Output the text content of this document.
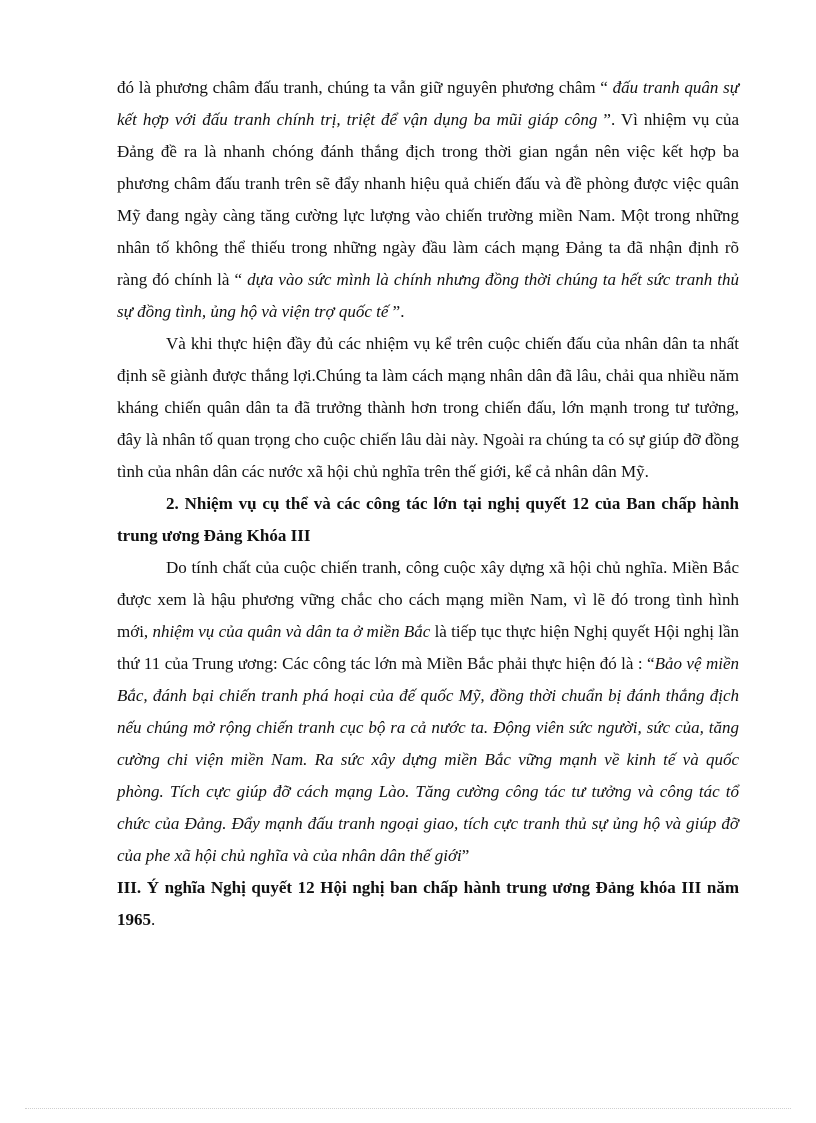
đó là phương châm đấu tranh, chúng ta vẫn giữ nguyên phương châm “ đấu tranh quân sự kết hợp với đấu tranh chính trị, triệt để vận dụng ba mũi giáp công ”. Vì nhiệm vụ của Đảng đề ra là nhanh chóng đánh thắng địch trong thời gian ngắn nên việc kết hợp ba phương châm đấu tranh trên sẽ đẩy nhanh hiệu quả chiến đấu và đề phòng được việc quân Mỹ đang ngày càng tăng cường lực lượng vào chiến trường miền Nam. Một trong những nhân tố không thể thiếu trong những ngày đầu làm cách mạng Đảng ta đã nhận định rõ ràng đó chính là “ dựa vào sức mình là chính nhưng đồng thời chúng ta hết sức tranh thủ sự đồng tình, ủng hộ và viện trợ quốc tế ”.

Và khi thực hiện đầy đủ các nhiệm vụ kể trên cuộc chiến đấu của nhân dân ta nhất định sẽ giành được thắng lợi.Chúng ta làm cách mạng nhân dân đã lâu, chải qua nhiều năm kháng chiến quân dân ta đã trưởng thành hơn trong chiến đấu, lớn mạnh trong tư tưởng, đây là nhân tố quan trọng cho cuộc chiến lâu dài này. Ngoài ra chúng ta có sự giúp đỡ đồng tình của nhân dân các nước xã hội chủ nghĩa trên thế giới, kể cả nhân dân Mỹ.

2. Nhiệm vụ cụ thể và các công tác lớn tại nghị quyết 12 của Ban chấp hành trung ương Đảng Khóa III

Do tính chất của cuộc chiến tranh, công cuộc xây dựng xã hội chủ nghĩa. Miền Bắc được xem là hậu phương vững chắc cho cách mạng miền Nam, vì lẽ đó trong tình hình mới, nhiệm vụ của quân và dân ta ở miền Bắc là tiếp tục thực hiện Nghị quyết Hội nghị lần thứ 11 của Trung ương: Các công tác lớn mà Miền Bắc phải thực hiện đó là : “Bảo vệ miền Bắc, đánh bại chiến tranh phá hoại của đế quốc Mỹ, đồng thời chuẩn bị đánh thắng địch nếu chúng mở rộng chiến tranh cục bộ ra cả nước ta. Động viên sức người, sức của, tăng cường chi viện miền Nam. Ra sức xây dựng miền Bắc vững mạnh về kinh tế và quốc phòng. Tích cực giúp đỡ cách mạng Lào. Tăng cường công tác tư tưởng và công tác tổ chức của Đảng. Đẩy mạnh đấu tranh ngoại giao, tích cực tranh thủ sự ủng hộ và giúp đỡ của phe xã hội chủ nghĩa và của nhân dân thế giới”

III. Ý nghĩa Nghị quyết 12 Hội nghị ban chấp hành trung ương Đảng khóa III năm 1965.
